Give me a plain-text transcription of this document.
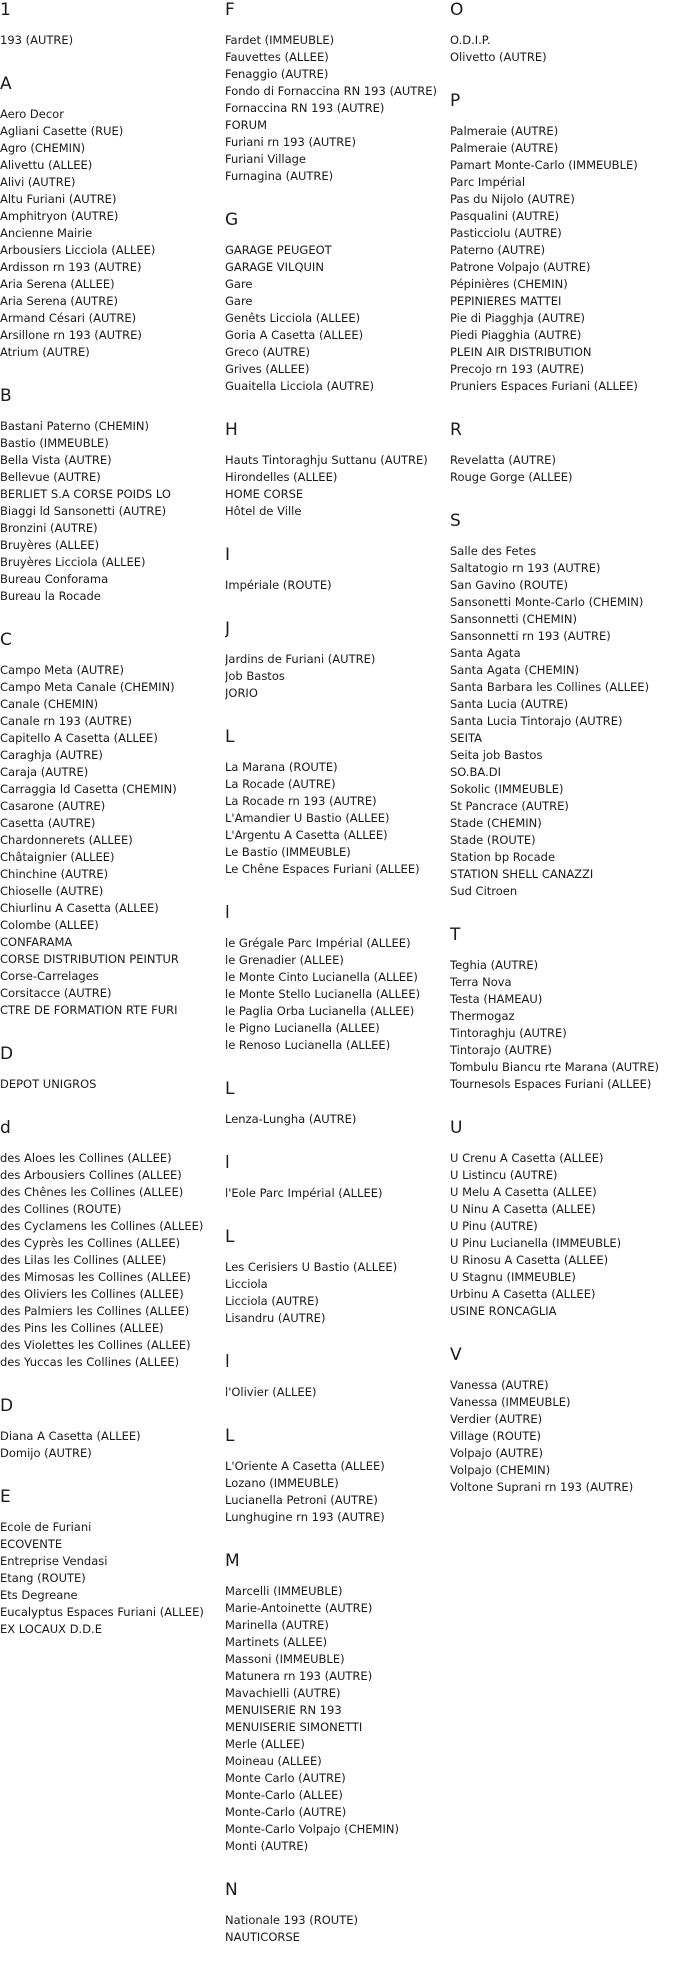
1
193 (AUTRE)
A
Aero Decor
Agliani Casette (RUE)
Agro (CHEMIN)
Alivettu (ALLEE)
Alivi (AUTRE)
Altu Furiani (AUTRE)
Amphitryon (AUTRE)
Ancienne Mairie
Arbousiers Licciola (ALLEE)
Ardisson rn 193 (AUTRE)
Aria Serena (ALLEE)
Aria Serena (AUTRE)
Armand Césari (AUTRE)
Arsillone rn 193 (AUTRE)
Atrium (AUTRE)
B
Bastani Paterno (CHEMIN)
Bastio (IMMEUBLE)
Bella Vista (AUTRE)
Bellevue (AUTRE)
BERLIET S.A CORSE POIDS LO
Biaggi ld Sansonetti (AUTRE)
Bronzini (AUTRE)
Bruyères (ALLEE)
Bruyères Licciola (ALLEE)
Bureau Conforama
Bureau la Rocade
C
Campo Meta (AUTRE)
Campo Meta Canale (CHEMIN)
Canale (CHEMIN)
Canale rn 193 (AUTRE)
Capitello A Casetta (ALLEE)
Caraghja (AUTRE)
Caraja (AUTRE)
Carraggia ld Casetta (CHEMIN)
Casarone (AUTRE)
Casetta (AUTRE)
Chardonnerets (ALLEE)
Châtaignier (ALLEE)
Chinchine (AUTRE)
Chioselle (AUTRE)
Chiurlinu A Casetta (ALLEE)
Colombe (ALLEE)
CONFARAMA
CORSE DISTRIBUTION PEINTUR
Corse-Carrelages
Corsitacce (AUTRE)
CTRE DE FORMATION RTE FURI
D
DEPOT UNIGROS
d
des Aloes les Collines (ALLEE)
des Arbousiers Collines (ALLEE)
des Chênes les Collines (ALLEE)
des Collines (ROUTE)
des Cyclamens les Collines (ALLEE)
des Cyprès les Collines (ALLEE)
des Lilas les Collines (ALLEE)
des Mimosas les Collines (ALLEE)
des Oliviers les Collines (ALLEE)
des Palmiers les Collines (ALLEE)
des Pins les Collines (ALLEE)
des Violettes les Collines (ALLEE)
des Yuccas les Collines (ALLEE)
D
Diana A Casetta (ALLEE)
Domijo (AUTRE)
E
Ecole de Furiani
ECOVENTE
Entreprise Vendasi
Etang (ROUTE)
Ets Degreane
Eucalyptus Espaces Furiani (ALLEE)
EX LOCAUX D.D.E
F
Fardet (IMMEUBLE)
Fauvettes (ALLEE)
Fenaggio (AUTRE)
Fondo di Fornaccina RN 193 (AUTRE)
Fornaccina RN 193 (AUTRE)
FORUM
Furiani rn 193 (AUTRE)
Furiani Village
Furnagina (AUTRE)
G
GARAGE PEUGEOT
GARAGE VILQUIN
Gare
Gare
Genêts Licciola (ALLEE)
Goria A Casetta (ALLEE)
Greco (AUTRE)
Grives (ALLEE)
Guaitella Licciola (AUTRE)
H
Hauts Tintoraghju Suttanu (AUTRE)
Hirondelles (ALLEE)
HOME CORSE
Hôtel de Ville
I
Impériale (ROUTE)
J
Jardins de Furiani (AUTRE)
Job Bastos
JORIO
L
La Marana (ROUTE)
La Rocade (AUTRE)
La Rocade rn 193 (AUTRE)
L'Amandier U Bastio (ALLEE)
L'Argentu A Casetta (ALLEE)
Le Bastio (IMMEUBLE)
Le Chêne Espaces Furiani (ALLEE)
l
le Grégale Parc Impérial (ALLEE)
le Grenadier (ALLEE)
le Monte Cinto Lucianella (ALLEE)
le Monte Stello Lucianella (ALLEE)
le Paglia Orba Lucianella (ALLEE)
le Pigno Lucianella (ALLEE)
le Renoso Lucianella (ALLEE)
L
Lenza-Lungha (AUTRE)
l
l'Eole Parc Impérial (ALLEE)
L
Les Cerisiers U Bastio (ALLEE)
Licciola
Licciola (AUTRE)
Lisandru (AUTRE)
l
l'Olivier (ALLEE)
L
L'Oriente A Casetta (ALLEE)
Lozano (IMMEUBLE)
Lucianella Petroni (AUTRE)
Lunghugine rn 193 (AUTRE)
M
Marcelli (IMMEUBLE)
Marie-Antoinette (AUTRE)
Marinella (AUTRE)
Martinets (ALLEE)
Massoni (IMMEUBLE)
Matunera rn 193 (AUTRE)
Mavachielli (AUTRE)
MENUISERIE RN 193
MENUISERIE SIMONETTI
Merle (ALLEE)
Moineau (ALLEE)
Monte Carlo (AUTRE)
Monte-Carlo (ALLEE)
Monte-Carlo (AUTRE)
Monte-Carlo Volpajo (CHEMIN)
Monti (AUTRE)
N
Nationale 193 (ROUTE)
NAUTICORSE
O
O.D.I.P.
Olivetto (AUTRE)
P
Palmeraie (AUTRE)
Palmeraie (AUTRE)
Pamart Monte-Carlo (IMMEUBLE)
Parc Impérial
Pas du Nijolo (AUTRE)
Pasqualini (AUTRE)
Pasticciolu (AUTRE)
Paterno (AUTRE)
Patrone Volpajo (AUTRE)
Pépinières (CHEMIN)
PEPINIERES MATTEI
Pie di Piagghja (AUTRE)
Piedi Piagghia (AUTRE)
PLEIN AIR DISTRIBUTION
Precojo rn 193 (AUTRE)
Pruniers Espaces Furiani (ALLEE)
R
Revelatta (AUTRE)
Rouge Gorge (ALLEE)
S
Salle des Fetes
Saltatogio rn 193 (AUTRE)
San Gavino (ROUTE)
Sansonetti Monte-Carlo (CHEMIN)
Sansonnetti (CHEMIN)
Sansonnetti rn 193 (AUTRE)
Santa Agata
Santa Agata (CHEMIN)
Santa Barbara les Collines (ALLEE)
Santa Lucia (AUTRE)
Santa Lucia Tintorajo (AUTRE)
SEITA
Seita job Bastos
SO.BA.DI
Sokolic (IMMEUBLE)
St Pancrace (AUTRE)
Stade (CHEMIN)
Stade (ROUTE)
Station bp Rocade
STATION SHELL CANAZZI
Sud Citroen
T
Teghia (AUTRE)
Terra Nova
Testa (HAMEAU)
Thermogaz
Tintoraghju (AUTRE)
Tintorajo (AUTRE)
Tombulu Biancu rte Marana (AUTRE)
Tournesols Espaces Furiani (ALLEE)
U
U Crenu A Casetta (ALLEE)
U Listincu (AUTRE)
U Melu A Casetta (ALLEE)
U Ninu A Casetta (ALLEE)
U Pinu (AUTRE)
U Pinu Lucianella (IMMEUBLE)
U Rinosu A Casetta (ALLEE)
U Stagnu (IMMEUBLE)
Urbinu A Casetta (ALLEE)
USINE RONCAGLIA
V
Vanessa (AUTRE)
Vanessa (IMMEUBLE)
Verdier (AUTRE)
Village (ROUTE)
Volpajo (AUTRE)
Volpajo (CHEMIN)
Voltone Suprani rn 193 (AUTRE)
